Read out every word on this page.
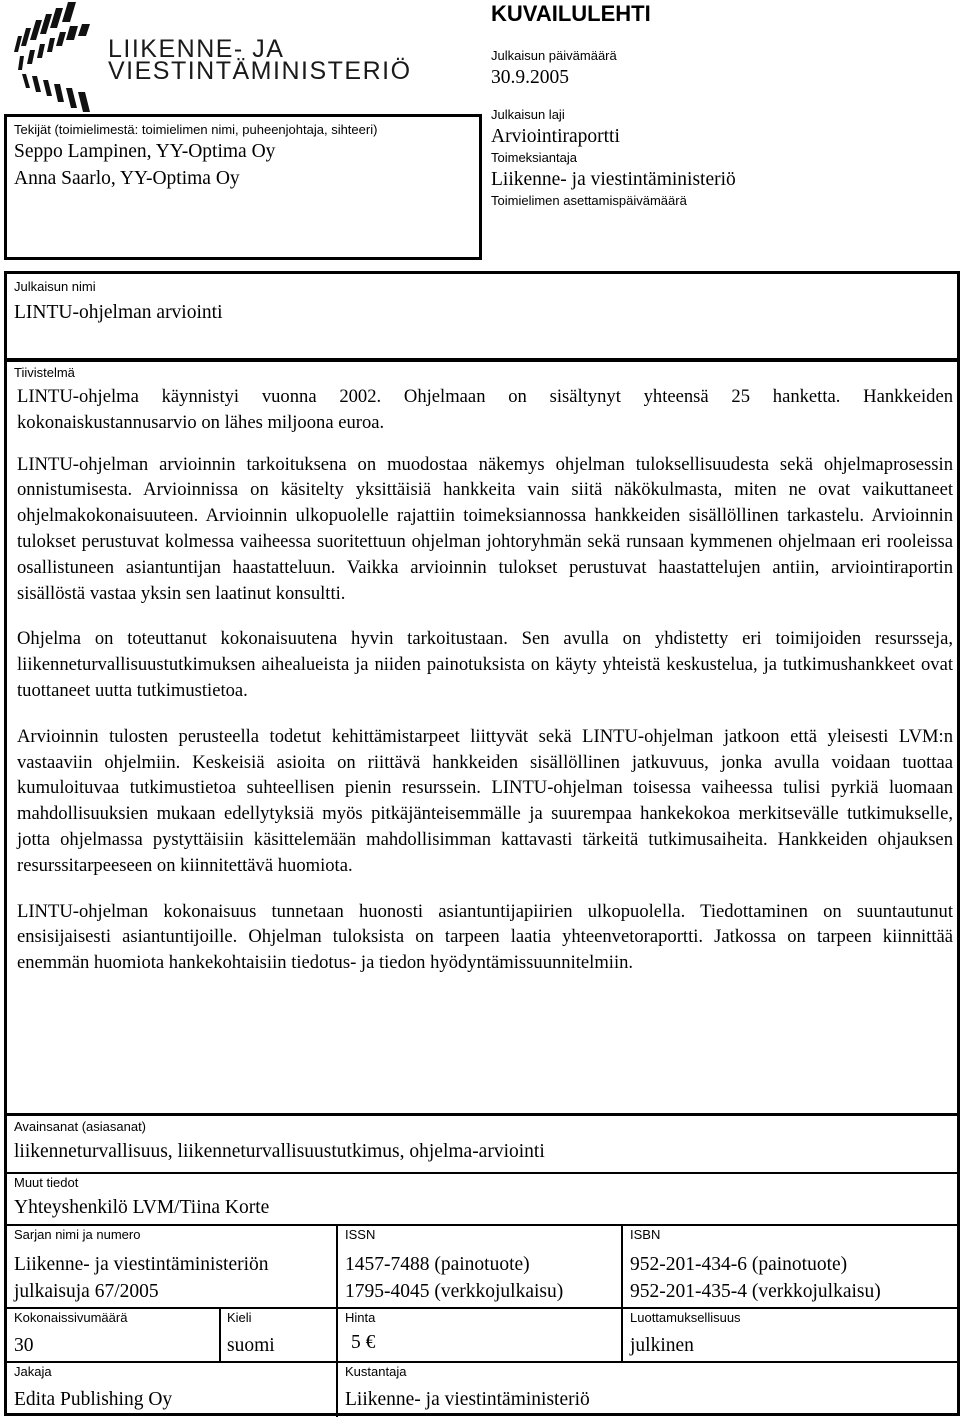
LIIKENNE- JA
VIESTINTÄMINISTERIÖ
KUVAILULEHTI
Julkaisun päivämäärä
30.9.2005
Julkaisun laji
Arviointiraportti
Toimeksiantaja
Liikenne- ja viestintäministeriö
Toimielimen asettamispäivämäärä
Tekijät (toimielimestä: toimielimen nimi, puheenjohtaja, sihteeri)
Seppo Lampinen, YY-Optima Oy
Anna Saarlo, YY-Optima Oy
Julkaisun nimi
LINTU-ohjelman arviointi
Tiivistelmä

LINTU-ohjelma käynnistyi vuonna 2002. Ohjelmaan on sisältynyt yhteensä 25 hanketta. Hankkeiden kokonaiskustannusarvio on lähes miljoona euroa.

LINTU-ohjelman arvioinnin tarkoituksena on muodostaa näkemys ohjelman tuloksellisuudesta sekä ohjelmaprosessin onnistumisesta. Arvioinnissa on käsitelty yksittäisiä hankkeita vain siitä näkökulmasta, miten ne ovat vaikuttaneet ohjelmakokonaisuuteen. Arvioinnin ulkopuolelle rajattiin toimeksiannossa hankkeiden sisällöllinen tarkastelu. Arvioinnin tulokset perustuvat kolmessa vaiheessa suoritettuun ohjelman johtoryhmän sekä runsaan kymmenen ohjelmaan eri rooleissa osallistuneen asiantuntijan haastatteluun. Vaikka arvioinnin tulokset perustuvat haastattelujen antiin, arviointiraportin sisällöstä vastaa yksin sen laatinut konsultti.

Ohjelma on toteuttanut kokonaisuutena hyvin tarkoitustaan. Sen avulla on yhdistetty eri toimijoiden resursseja, liikenneturvallisuustutkimuksen aihealueista ja niiden painotuksista on käyty yhteistä keskustelua, ja tutkimushankkeet ovat tuottaneet uutta tutkimustietoa.

Arvioinnin tulosten perusteella todetut kehittämistarpeet liittyvät sekä LINTU-ohjelman jatkoon että yleisesti LVM:n vastaaviin ohjelmiin. Keskeisiä asioita on riittävä hankkeiden sisällöllinen jatkuvuus, jonka avulla voidaan tuottaa kumuloituvaa tutkimustietoa suhteellisen pienin resurssein. LINTU-ohjelman toisessa vaiheessa tulisi pyrkiä luomaan mahdollisuuksien mukaan edellytyksiä myös pitkäjänteisemmälle ja suurempaa hankekokoa merkitsevälle tutkimukselle, jotta ohjelmassa pystyttäisiin käsittelemään mahdollisimman kattavasti tärkeitä tutkimusaiheita. Hankkeiden ohjauksen resurssitarpeeseen on kiinnitettävä huomiota.

LINTU-ohjelman kokonaisuus tunnetaan huonosti asiantuntijapiirien ulkopuolella. Tiedottaminen on suuntautunut ensisijaisesti asiantuntijoille. Ohjelman tuloksista on tarpeen laatia yhteenvetoraportti. Jatkossa on tarpeen kiinnittää enemmän huomiota hankekohtaisiin tiedotus- ja tiedon hyödyntämissuunnitelmiin.

Avainsanat (asiasanat)
liikenneturvallisuus, liikenneturvallisuustutkimus, ohjelma-arviointi
Muut tiedot
Yhteyshenkilö LVM/Tiina Korte
Sarjan nimi ja numero
Liikenne- ja viestintäministeriön
julkaisuja 67/2005
ISSN
1457-7488 (painotuote)
1795-4045 (verkkojulkaisu)
ISBN
952-201-434-6 (painotuote)
952-201-435-4 (verkkojulkaisu)
Kokonaissivumäärä
30
Kieli
suomi
Hinta
5 €
Luottamuksellisuus
julkinen
Jakaja
Edita Publishing Oy
Kustantaja
Liikenne- ja viestintäministeriö
